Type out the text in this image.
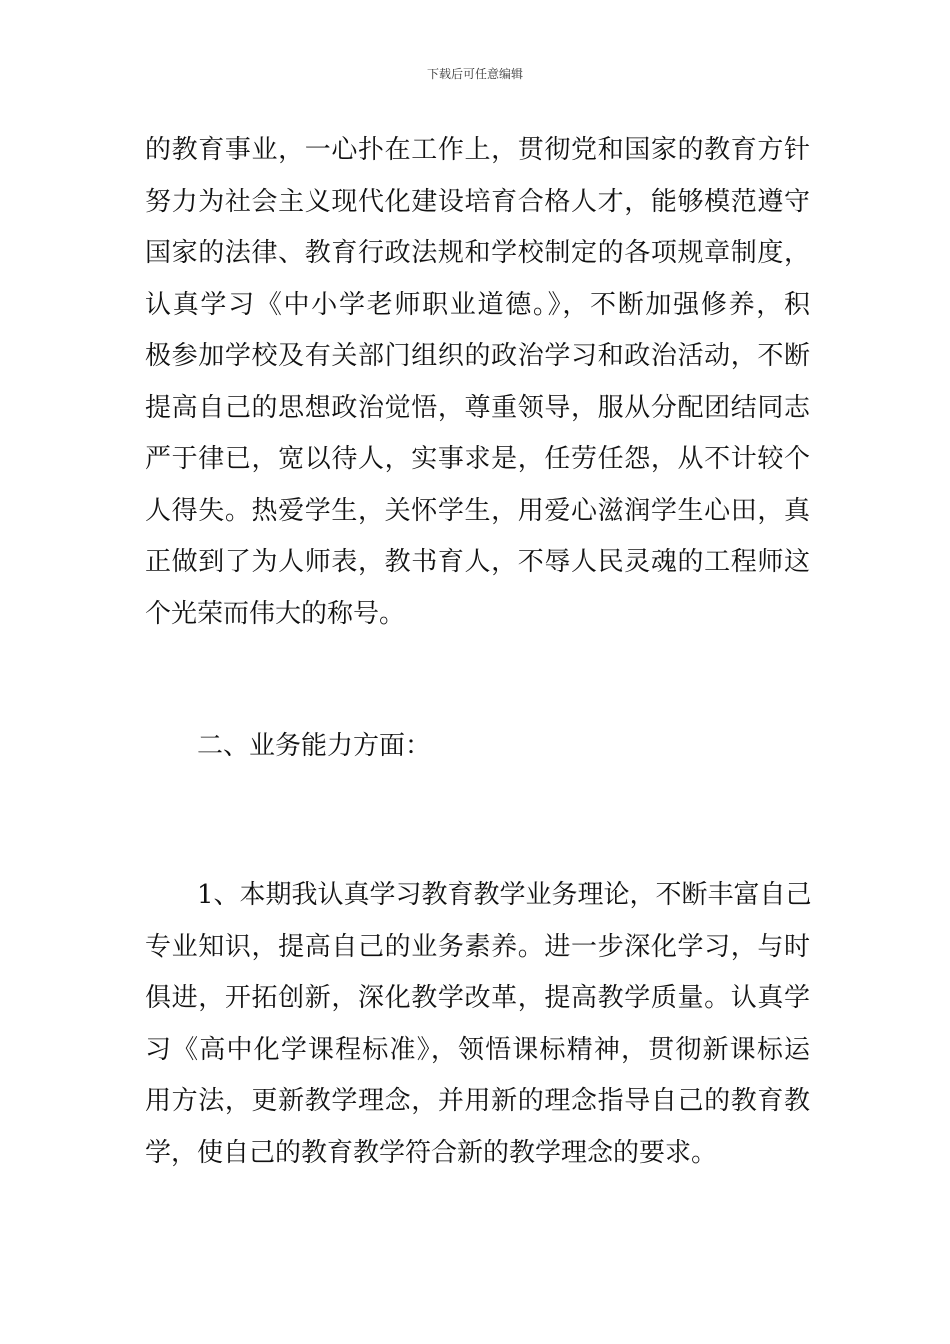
下载后可任意编辑
的教育事业，一心扑在工作上，贯彻党和国家的教育方针
努力为社会主义现代化建设培育合格人才，能够模范遵守
国家的法律、教育行政法规和学校制定的各项规章制度，
认真学习《中小学老师职业道德。》，不断加强修养，积
极参加学校及有关部门组织的政治学习和政治活动，不断
提高自己的思想政治觉悟，尊重领导，服从分配团结同志
严于律已，宽以待人，实事求是，任劳任怨，从不计较个
人得失。热爱学生，关怀学生，用爱心滋润学生心田，真
正做到了为人师表，教书育人，不辱人民灵魂的工程师这
个光荣而伟大的称号。

二、业务能力方面：

1、本期我认真学习教育教学业务理论，不断丰富自己
专业知识，提高自己的业务素养。进一步深化学习，与时
俱进，开拓创新，深化教学改革，提高教学质量。认真学
习《高中化学课程标准》，领悟课标精神，贯彻新课标运
用方法，更新教学理念，并用新的理念指导自己的教育教
学，使自己的教育教学符合新的教学理念的要求。
